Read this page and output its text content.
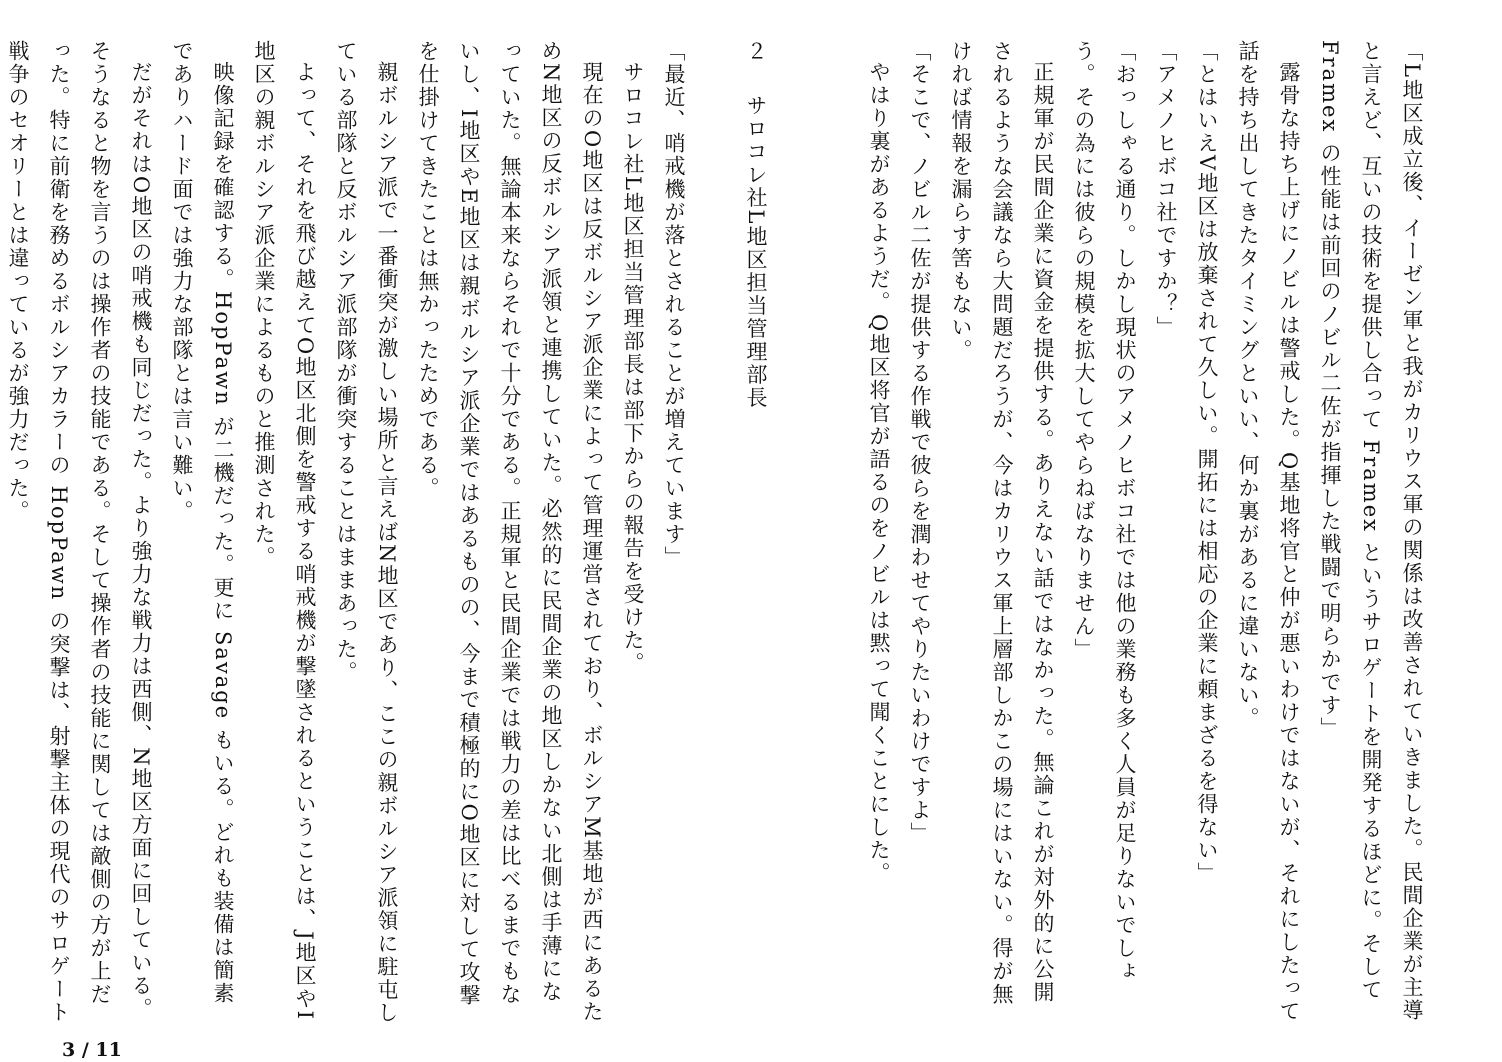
「L地区成立後、イーゼン軍と我がカリウス軍の関係は改善されていきました。民間企業が主導と言えど、互いの技術を提供し合って Framex というサロゲートを開発するほどに。そして Framex の性能は前回のノビル二佐が指揮した戦闘で明らかです」

露骨な持ち上げにノビルは警戒した。Q基地将官と仲が悪いわけではないが、それにしたって話を持ち出してきたタイミングといい、何か裏があるに違いない。

「とはいえV地区は放棄されて久しい。開拓には相応の企業に頼まざるを得ない」

「アメノヒボコ社ですか？」

「おっしゃる通り。しかし現状のアメノヒボコ社では他の業務も多く人員が足りないでしょう。その為には彼らの規模を拡大してやらねばなりません」

正規軍が民間企業に資金を提供する。ありえない話ではなかった。無論これが対外的に公開されるような会議なら大問題だろうが、今はカリウス軍上層部しかこの場にはいない。得が無ければ情報を漏らす筈もない。

「そこで、ノビル二佐が提供する作戦で彼らを潤わせてやりたいわけですよ」

やはり裏があるようだ。Q地区将官が語るのをノビルは黙って聞くことにした。

２サロコレ社L地区担当管理部長

「最近、哨戒機が落とされることが増えています」

サロコレ社L地区担当管理部長は部下からの報告を受けた。

現在のO地区は反ボルシア派企業によって管理運営されており、ボルシアM基地が西にあるためN地区の反ボルシア派領と連携していた。必然的に民間企業の地区しかない北側は手薄になっていた。無論本来ならそれで十分である。正規軍と民間企業では戦力の差は比べるまでもないし、I地区やE地区は親ボルシア派企業ではあるものの、今まで積極的にO地区に対して攻撃を仕掛けてきたことは無かったためである。

親ボルシア派で一番衝突が激しい場所と言えばN地区であり、ここの親ボルシア派領に駐屯している部隊と反ボルシア派部隊が衝突することはままあった。

よって、それを飛び越えてO地区北側を警戒する哨戒機が撃墜されるということは、J地区やI地区の親ボルシア派企業によるものと推測された。

映像記録を確認する。HopPawn が二機だった。更に Savage もいる。どれも装備は簡素でありハード面では強力な部隊とは言い難い。

だがそれはO地区の哨戒機も同じだった。より強力な戦力は西側、N地区方面に回している。そうなると物を言うのは操作者の技能である。そして操作者の技能に関しては敵側の方が上だった。特に前衛を務めるボルシアカラーの HopPawn の突撃は、射撃主体の現代のサロゲート戦争のセオリーとは違っているが強力だった。

3 / 11
